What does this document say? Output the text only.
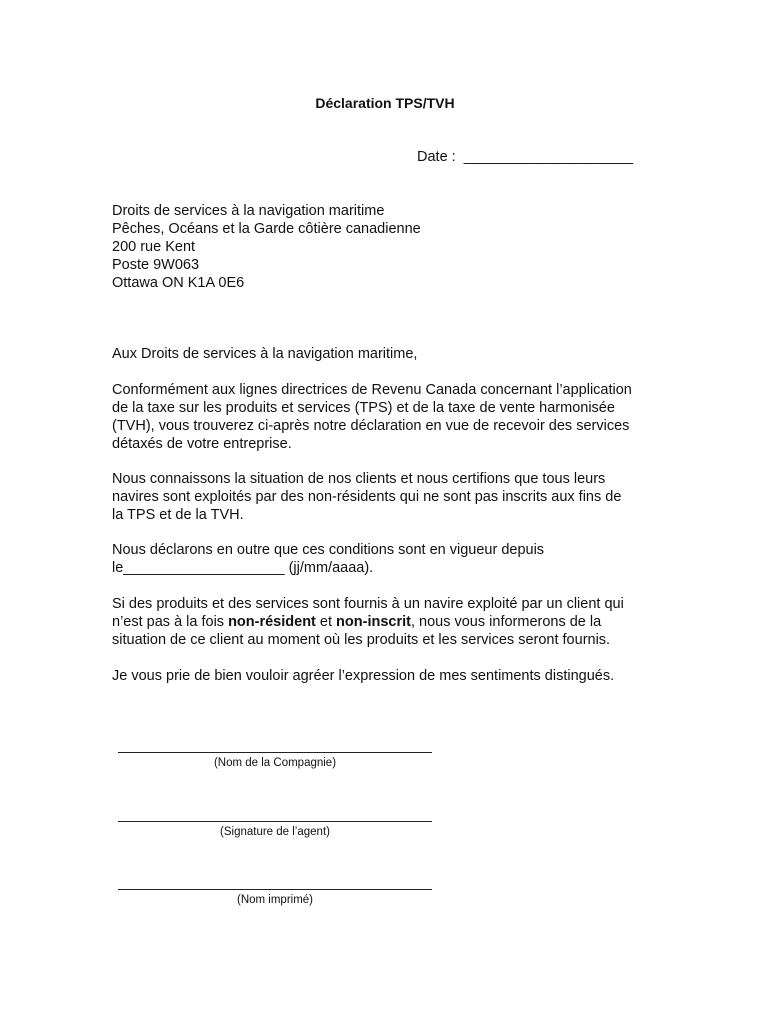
Déclaration TPS/TVH
Date :  _____________________
Droits de services à la navigation maritime
Pêches, Océans et la Garde côtière canadienne
200 rue Kent
Poste 9W063
Ottawa ON K1A 0E6
Aux Droits de services à la navigation maritime,
Conformément aux lignes directrices de Revenu Canada concernant l’application
de la taxe sur les produits et services (TPS) et de la taxe de vente harmonisée
(TVH), vous trouverez ci-après notre déclaration en vue de recevoir des services
détaxés de votre entreprise.
Nous connaissons la situation de nos clients et nous certifions que tous leurs
navires sont exploités par des non-résidents qui ne sont pas inscrits aux fins de
la TPS et de la TVH.
Nous déclarons en outre que ces conditions sont en vigueur depuis
le____________________ (jj/mm/aaaa).
Si des produits et des services sont fournis à un navire exploité par un client qui
n’est pas à la fois non-résident et non-inscrit, nous vous informerons de la
situation de ce client au moment où les produits et les services seront fournis.
Je vous prie de bien vouloir agréer l’expression de mes sentiments distingués.
(Nom de la Compagnie)
(Signature de l’agent)
(Nom imprimé)
